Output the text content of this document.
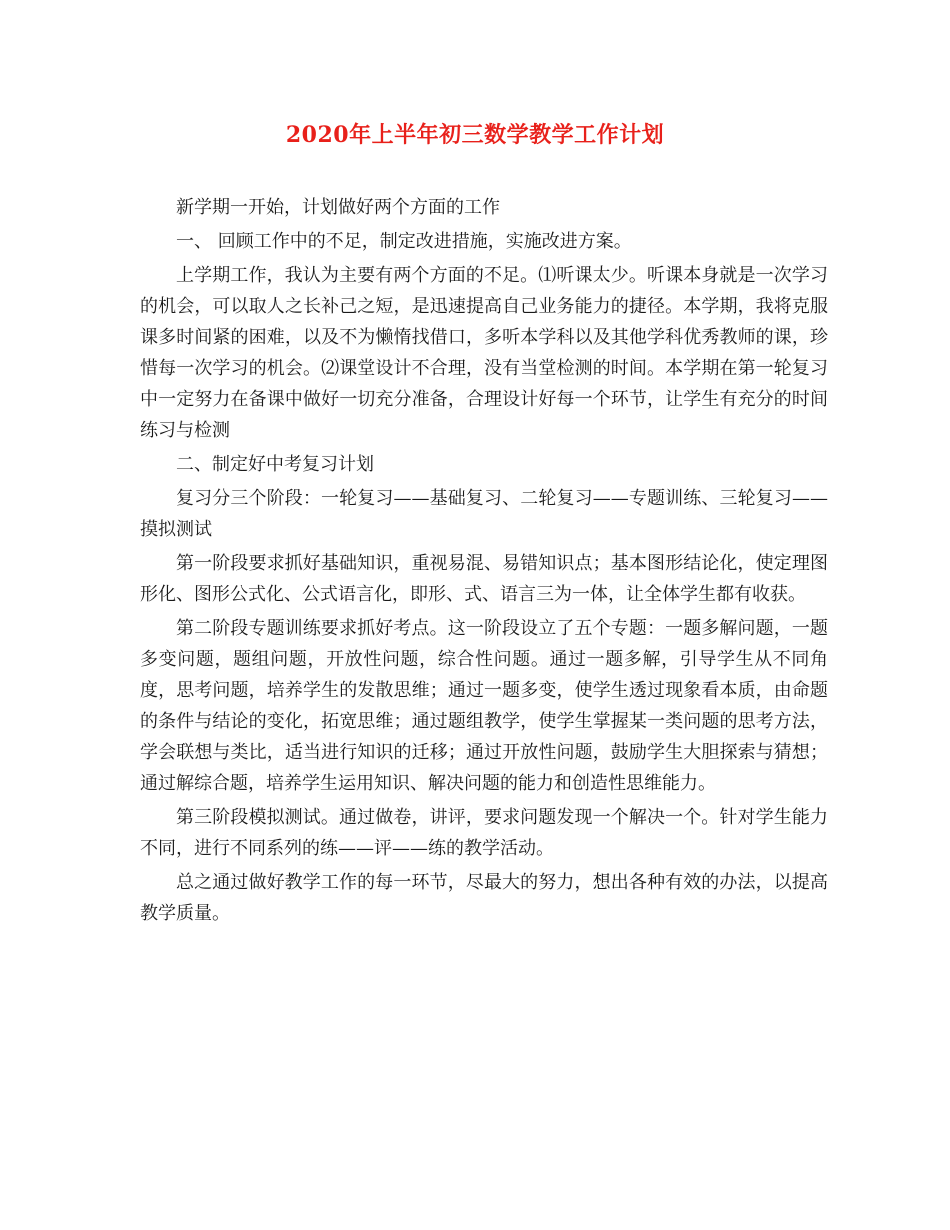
2020年上半年初三数学教学工作计划

新学期一开始，计划做好两个方面的工作

一、 回顾工作中的不足，制定改进措施，实施改进方案。

上学期工作，我认为主要有两个方面的不足。⑴听课太少。听课本身就是一次学习的机会，可以取人之长补己之短，是迅速提高自己业务能力的捷径。本学期，我将克服课多时间紧的困难，以及不为懒惰找借口，多听本学科以及其他学科优秀教师的课，珍惜每一次学习的机会。⑵课堂设计不合理，没有当堂检测的时间。本学期在第一轮复习中一定努力在备课中做好一切充分准备，合理设计好每一个环节，让学生有充分的时间练习与检测

二、制定好中考复习计划

复习分三个阶段：一轮复习——基础复习、二轮复习——专题训练、三轮复习——摸拟测试

第一阶段要求抓好基础知识，重视易混、易错知识点；基本图形结论化，使定理图形化、图形公式化、公式语言化，即形、式、语言三为一体，让全体学生都有收获。

第二阶段专题训练要求抓好考点。这一阶段设立了五个专题：一题多解问题，一题多变问题，题组问题，开放性问题，综合性问题。通过一题多解，引导学生从不同角度，思考问题，培养学生的发散思维；通过一题多变，使学生透过现象看本质，由命题的条件与结论的变化，拓宽思维；通过题组教学，使学生掌握某一类问题的思考方法，学会联想与类比，适当进行知识的迁移；通过开放性问题，鼓励学生大胆探索与猜想；通过解综合题，培养学生运用知识、解决问题的能力和创造性思维能力。

第三阶段模拟测试。通过做卷，讲评，要求问题发现一个解决一个。针对学生能力不同，进行不同系列的练——评——练的教学活动。

总之通过做好教学工作的每一环节，尽最大的努力，想出各种有效的办法，以提高教学质量。
